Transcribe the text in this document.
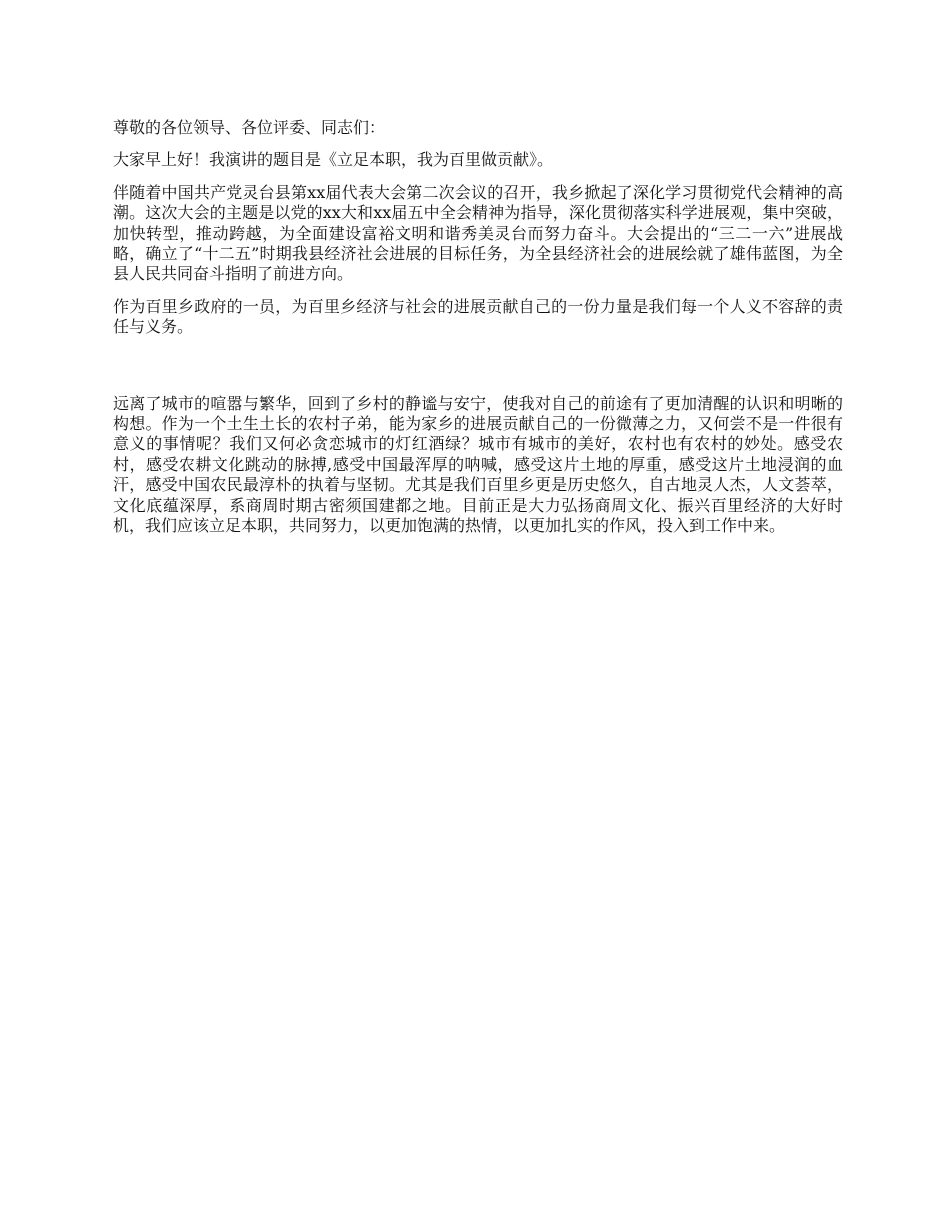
尊敬的各位领导、各位评委、同志们：

大家早上好！我演讲的题目是《立足本职，我为百里做贡献》。

伴随着中国共产党灵台县第xx届代表大会第二次会议的召开，我乡掀起了深化学习贯彻党代会精神的高潮。这次大会的主题是以党的xx大和xx届五中全会精神为指导，深化贯彻落实科学进展观，集中突破，加快转型，推动跨越，为全面建设富裕文明和谐秀美灵台而努力奋斗。大会提出的“三二一六”进展战略，确立了“十二五”时期我县经济社会进展的目标任务，为全县经济社会的进展绘就了雄伟蓝图，为全县人民共同奋斗指明了前进方向。

作为百里乡政府的一员，为百里乡经济与社会的进展贡献自己的一份力量是我们每一个人义不容辞的责任与义务。

远离了城市的喧嚣与繁华，回到了乡村的静谧与安宁，使我对自己的前途有了更加清醒的认识和明晰的构想。作为一个土生土长的农村子弟，能为家乡的进展贡献自己的一份微薄之力，又何尝不是一件很有意义的事情呢？我们又何必贪恋城市的灯红酒绿？城市有城市的美好，农村也有农村的妙处。感受农村，感受农耕文化跳动的脉搏,感受中国最浑厚的呐喊，感受这片土地的厚重，感受这片土地浸润的血汗，感受中国农民最淳朴的执着与坚韧。尤其是我们百里乡更是历史悠久，自古地灵人杰，人文荟萃，文化底蕴深厚，系商周时期古密须国建都之地。目前正是大力弘扬商周文化、振兴百里经济的大好时机，我们应该立足本职，共同努力，以更加饱满的热情，以更加扎实的作风，投入到工作中来。
